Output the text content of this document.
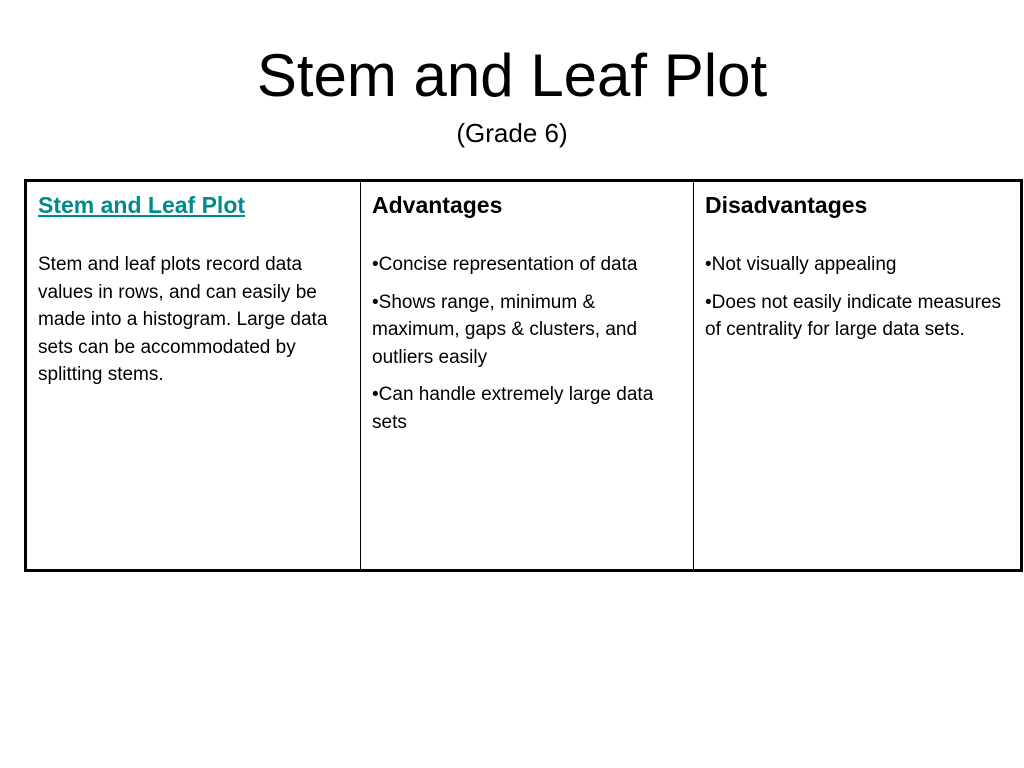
Stem and Leaf Plot
(Grade 6)
Stem and Leaf Plot

Stem and leaf plots record data values in rows, and can easily be made into a histogram. Large data sets can be accommodated by splitting stems.

Advantages

•Concise representation of data

•Shows range, minimum & maximum, gaps & clusters, and outliers easily

•Can handle extremely large data sets

Disadvantages

•Not visually appealing

•Does not easily indicate measures of centrality for large data sets.
